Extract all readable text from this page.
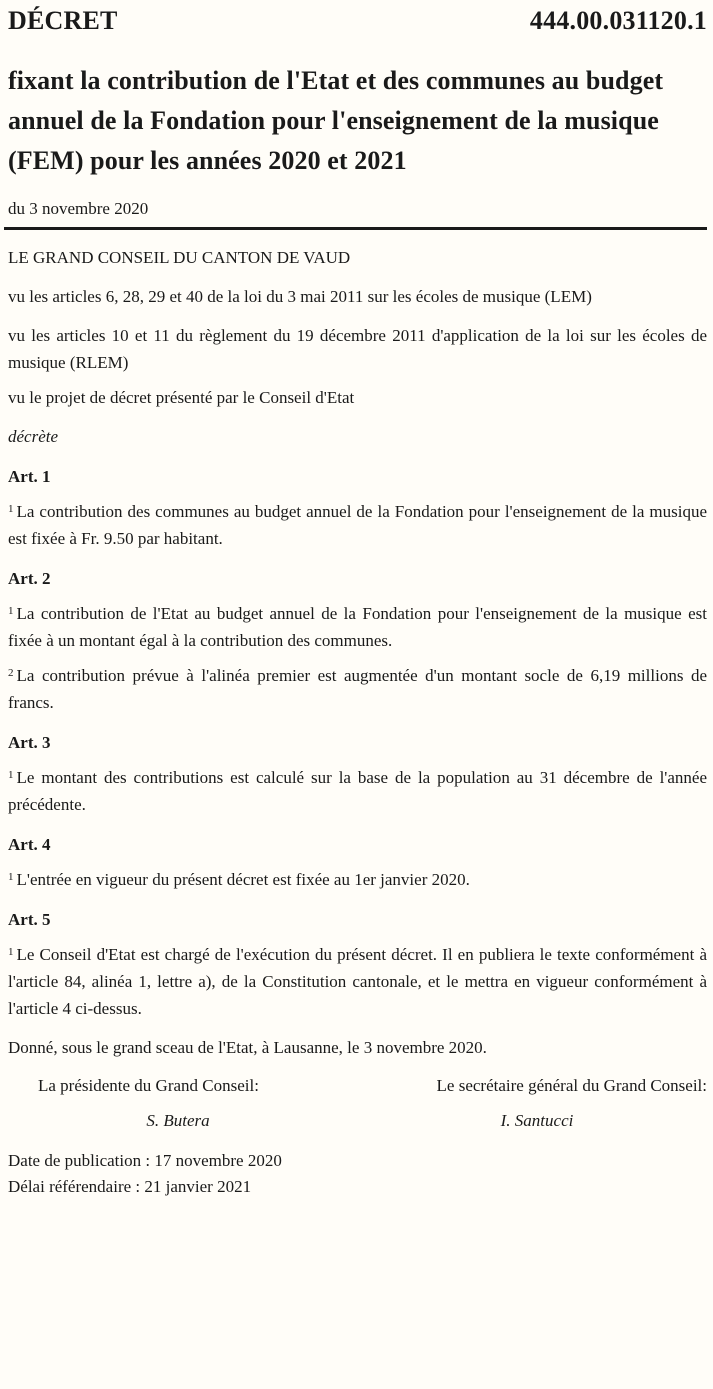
DÉCRET	444.00.031120.1
fixant la contribution de l'Etat et des communes au budget annuel de la Fondation pour l'enseignement de la musique (FEM) pour les années 2020 et 2021
du 3 novembre 2020

LE GRAND CONSEIL DU CANTON DE VAUD

vu les articles 6, 28, 29 et 40 de la loi du 3 mai 2011 sur les écoles de musique (LEM)

vu les articles 10 et 11 du règlement du 19 décembre 2011 d'application de la loi sur les écoles de musique (RLEM)

vu le projet de décret présenté par le Conseil d'Etat

décrète

Art. 1

$^1$ La contribution des communes au budget annuel de la Fondation pour l'enseignement de la musique est fixée à Fr. 9.50 par habitant.

Art. 2

$^1$ La contribution de l'Etat au budget annuel de la Fondation pour l'enseignement de la musique est fixée à un montant égal à la contribution des communes.

$^2$ La contribution prévue à l'alinéa premier est augmentée d'un montant socle de 6,19 millions de francs.

Art. 3

$^1$ Le montant des contributions est calculé sur la base de la population au 31 décembre de l'année précédente.

Art. 4

$^1$ L'entrée en vigueur du présent décret est fixée au 1er janvier 2020.

Art. 5

$^1$ Le Conseil d'Etat est chargé de l'exécution du présent décret. Il en publiera le texte conformément à l'article 84, alinéa 1, lettre a), de la Constitution cantonale, et le mettra en vigueur conformément à l'article 4 ci-dessus.

Donné, sous le grand sceau de l'Etat, à Lausanne, le 3 novembre 2020.

La présidente du Grand Conseil:	Le secrétaire général du Grand Conseil:
S. Butera	I. Santucci
Date de publication : 17 novembre 2020
Délai référendaire : 21 janvier 2021
